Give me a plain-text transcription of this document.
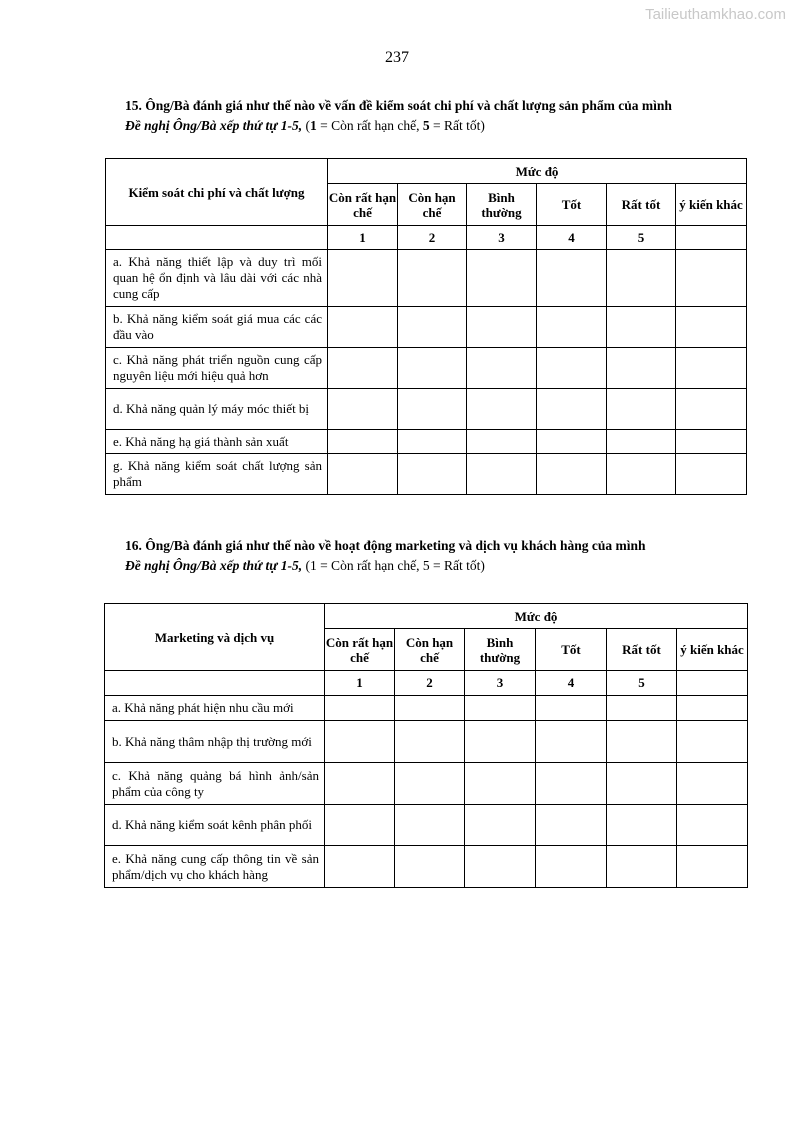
Tailieuthamkhao.com
237
15. Ông/Bà đánh giá như thế nào về vấn đề kiểm soát chi phí và chất lượng sản phẩm của mình
Đề nghị Ông/Bà xếp thứ tự 1-5, (1 = Còn rất hạn chế, 5 = Rất tốt)
Kiểm soát chi phí và chất lượng	Mức độ					
	Còn rất hạn chế	Còn hạn chế	Bình thường	Tốt	Rất tốt	ý kiến khác
	1	2	3	4	5	
a. Khả năng thiết lập và duy trì mối quan hệ ổn định và lâu dài với các nhà cung cấp						
b. Khả năng kiểm soát giá mua các các đầu vào						
c. Khả năng phát triển nguồn cung cấp nguyên liệu mới hiệu quả hơn						
d. Khả năng quản lý máy móc thiết bị						
e. Khả năng hạ giá thành sản xuất						
g. Khả năng kiểm soát chất lượng sản phẩm						
16. Ông/Bà đánh giá như thế nào về hoạt động marketing và dịch vụ khách hàng của mình
Đề nghị Ông/Bà xếp thứ tự 1-5, (1 = Còn rất hạn chế, 5 = Rất tốt)
Marketing và dịch vụ	Mức độ					
	Còn rất hạn chế	Còn hạn chế	Bình thường	Tốt	Rất tốt	ý kiến khác
	1	2	3	4	5	
a. Khả năng phát hiện nhu cầu mới						
b. Khả năng thâm nhập thị trường mới						
c. Khả năng quảng bá hình ảnh/sản phẩm của công ty						
d. Khả năng kiểm soát kênh phân phối						
e. Khả năng cung cấp thông tin về sản phẩm/dịch vụ cho khách hàng						
